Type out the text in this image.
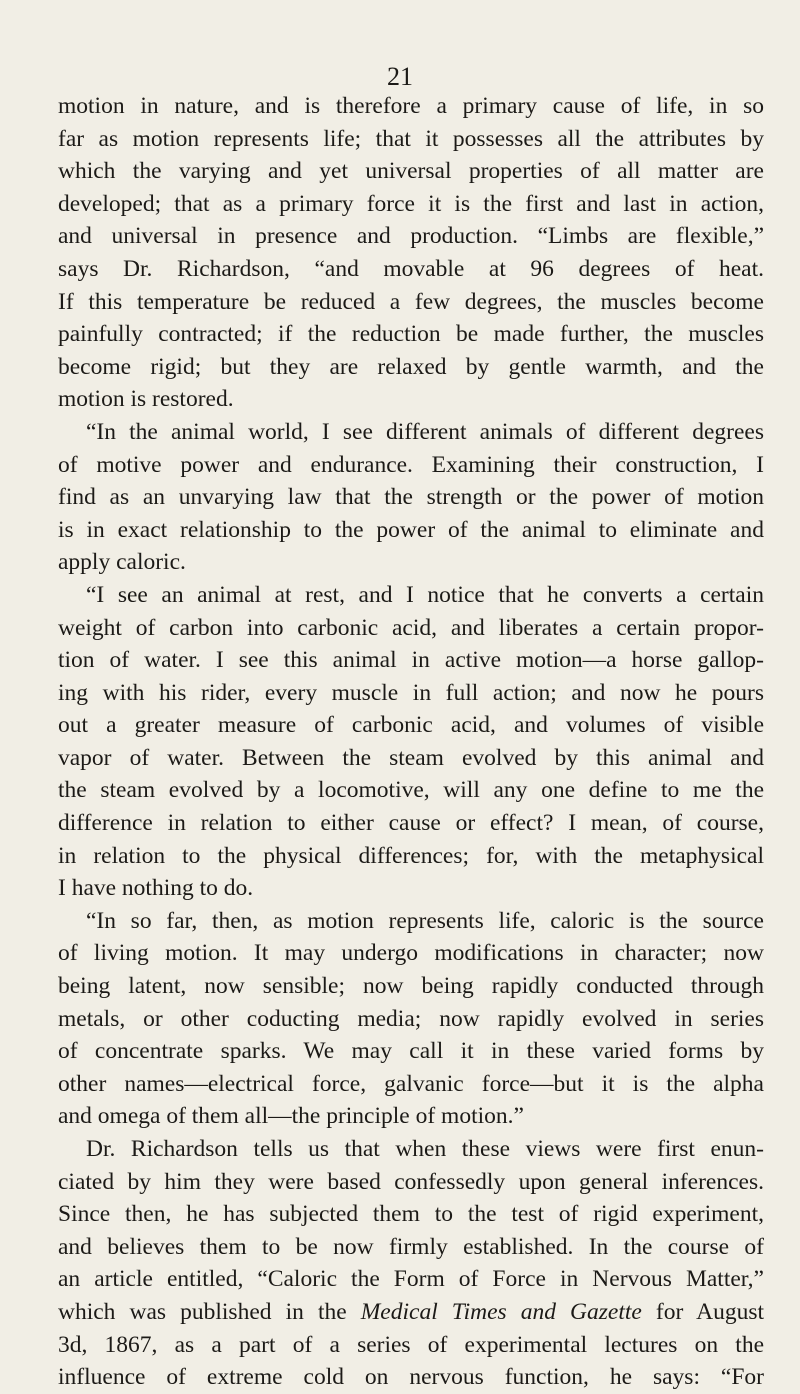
21
motion in nature, and is therefore a primary cause of life, in so
far as motion represents life; that it possesses all the attributes by
which the varying and yet universal properties of all matter are
developed; that as a primary force it is the first and last in action,
and universal in presence and production. “Limbs are flexible,”
says Dr. Richardson, “and movable at 96 degrees of heat.
If this temperature be reduced a few degrees, the muscles become
painfully contracted; if the reduction be made further, the muscles
become rigid; but they are relaxed by gentle warmth, and the
motion is restored.
“In the animal world, I see different animals of different degrees
of motive power and endurance. Examining their construction, I
find as an unvarying law that the strength or the power of motion
is in exact relationship to the power of the animal to eliminate and
apply caloric.
“I see an animal at rest, and I notice that he converts a certain
weight of carbon into carbonic acid, and liberates a certain propor-
tion of water. I see this animal in active motion—a horse gallop-
ing with his rider, every muscle in full action; and now he pours
out a greater measure of carbonic acid, and volumes of visible
vapor of water. Between the steam evolved by this animal and
the steam evolved by a locomotive, will any one define to me the
difference in relation to either cause or effect? I mean, of course,
in relation to the physical differences; for, with the metaphysical
I have nothing to do.
“In so far, then, as motion represents life, caloric is the source
of living motion. It may undergo modifications in character; now
being latent, now sensible; now being rapidly conducted through
metals, or other coducting media; now rapidly evolved in series
of concentrate sparks. We may call it in these varied forms by
other names—electrical force, galvanic force—but it is the alpha
and omega of them all—the principle of motion.”
Dr. Richardson tells us that when these views were first enun-
ciated by him they were based confessedly upon general inferences.
Since then, he has subjected them to the test of rigid experiment,
and believes them to be now firmly established. In the course of
an article entitled, “Caloric the Form of Force in Nervous Matter,”
which was published in the Medical Times and Gazette for August
3d, 1867, as a part of a series of experimental lectures on the
influence of extreme cold on nervous function, he says: “For
